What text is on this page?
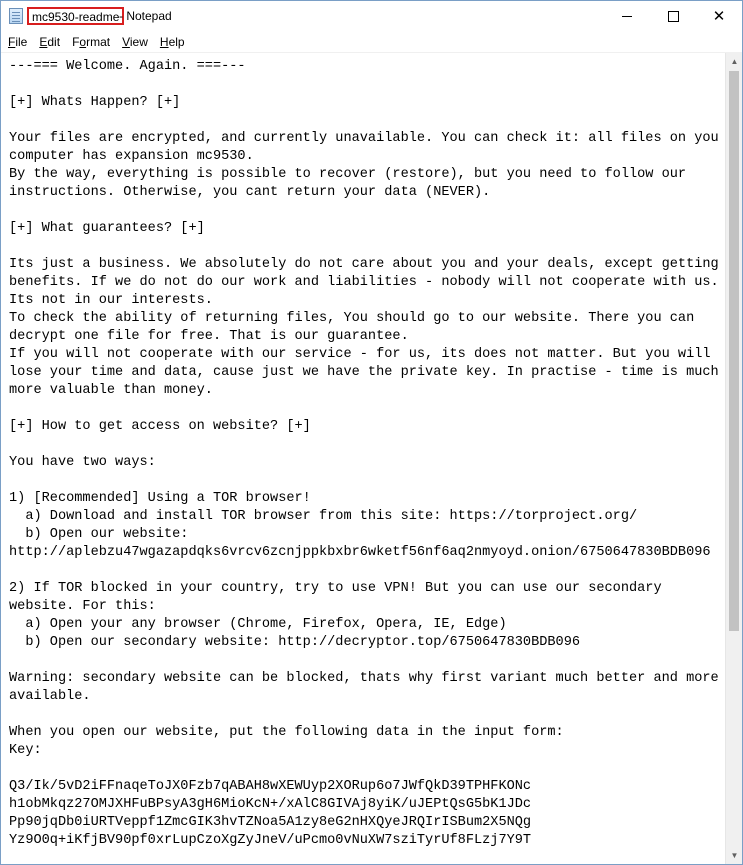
mc9530-readme - Notepad	✕
File	Edit	Format	View	Help
---=== Welcome. Again. ===---

[+] Whats Happen? [+]

Your files are encrypted, and currently unavailable. You can check it: all files on you
computer has expansion mc9530.
By the way, everything is possible to recover (restore), but you need to follow our
instructions. Otherwise, you cant return your data (NEVER).

[+] What guarantees? [+]

Its just a business. We absolutely do not care about you and your deals, except getting
benefits. If we do not do our work and liabilities - nobody will not cooperate with us.
Its not in our interests.
To check the ability of returning files, You should go to our website. There you can
decrypt one file for free. That is our guarantee.
If you will not cooperate with our service - for us, its does not matter. But you will
lose your time and data, cause just we have the private key. In practise - time is much
more valuable than money.

[+] How to get access on website? [+]

You have two ways:

1) [Recommended] Using a TOR browser!
a) Download and install TOR browser from this site: https://torproject.org/
b) Open our website:
http://aplebzu47wgazapdqks6vrcv6zcnjppkbxbr6wketf56nf6aq2nmyoyd.onion/6750647830BDB096

2) If TOR blocked in your country, try to use VPN! But you can use our secondary
website. For this:
a) Open your any browser (Chrome, Firefox, Opera, IE, Edge)
b) Open our secondary website: http://decryptor.top/6750647830BDB096

Warning: secondary website can be blocked, thats why first variant much better and more
available.

When you open our website, put the following data in the input form:
Key:

Q3/Ik/5vD2iFFnaqeToJX0Fzb7qABAH8wXEWUyp2XORup6o7JWfQkD39TPHFKONc
h1obMkqz27OMJXHFuBPsyA3gH6MioKcN+/xAlC8GIVAj8yiK/uJEPtQsG5bK1JDc
Pp90jqDb0iURTVeppf1ZmcGIK3hvTZNoa5A1zy8eG2nHXQyeJRQIrISBum2X5NQg
Yz9O0q+iKfjBV90pf0xrLupCzoXgZyJneV/uPcmo0vNuXW7sziTyrUf8FLzj7Y9T
▲
▼
